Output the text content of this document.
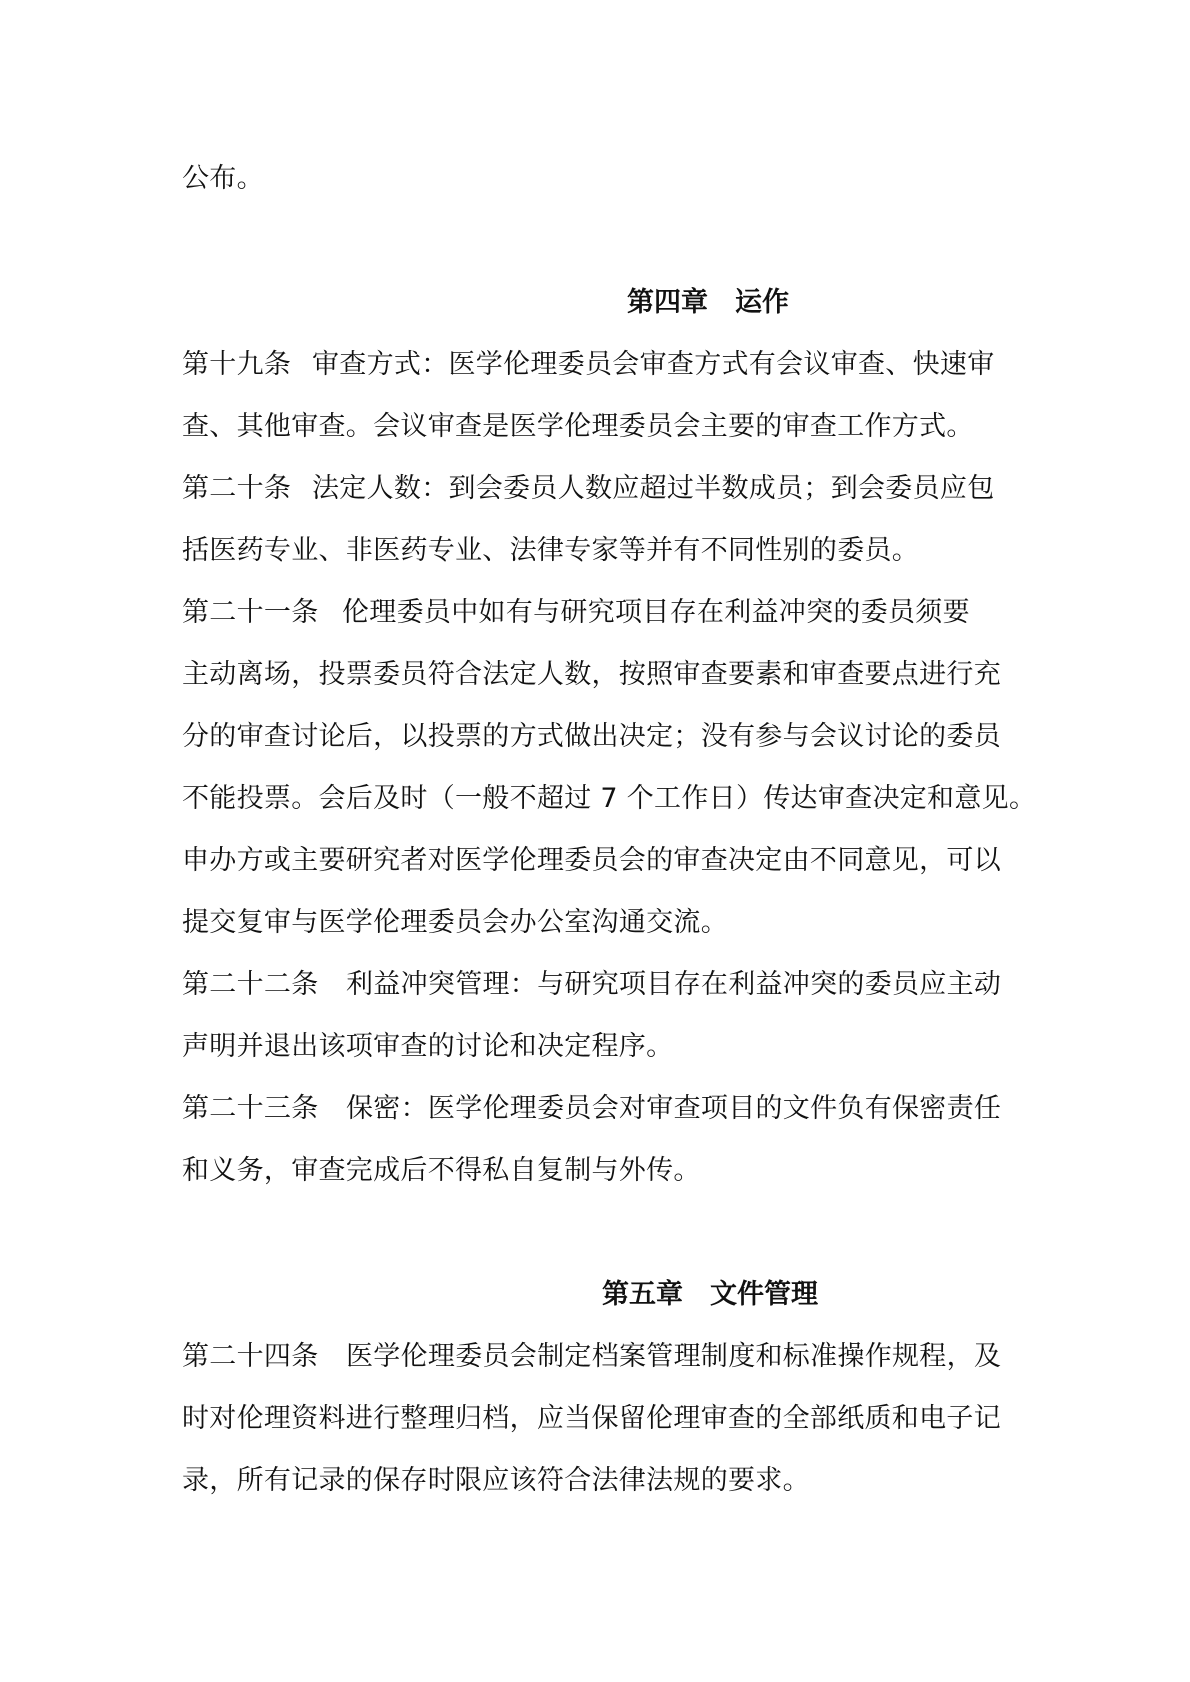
公布。
第四章　运作
第十九条 审查方式：医学伦理委员会审查方式有会议审查、快速审
查、其他审查。会议审查是医学伦理委员会主要的审查工作方式。
第二十条 法定人数：到会委员人数应超过半数成员；到会委员应包
括医药专业、非医药专业、法律专家等并有不同性别的委员。
第二十一条 伦理委员中如有与研究项目存在利益冲突的委员须要
主动离场，投票委员符合法定人数，按照审查要素和审查要点进行充
分的审查讨论后，以投票的方式做出决定；没有参与会议讨论的委员
不能投票。会后及时（一般不超过 7 个工作日）传达审查决定和意见。
申办方或主要研究者对医学伦理委员会的审查决定由不同意见，可以
提交复审与医学伦理委员会办公室沟通交流。
第二十二条 利益冲突管理：与研究项目存在利益冲突的委员应主动
声明并退出该项审查的讨论和决定程序。
第二十三条 保密：医学伦理委员会对审查项目的文件负有保密责任
和义务，审查完成后不得私自复制与外传。
第五章　文件管理
第二十四条 医学伦理委员会制定档案管理制度和标准操作规程，及
时对伦理资料进行整理归档，应当保留伦理审查的全部纸质和电子记
录，所有记录的保存时限应该符合法律法规的要求。
